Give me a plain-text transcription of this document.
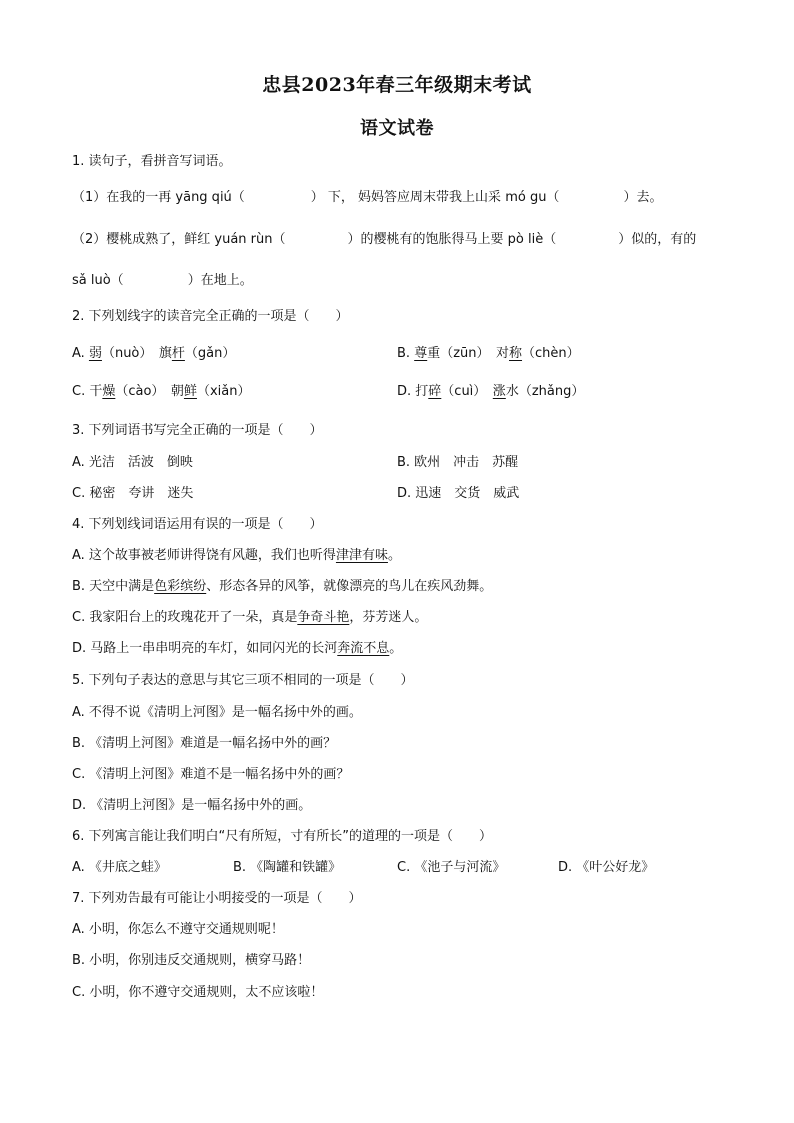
忠县2023年春三年级期末考试
语文试卷
1. 读句子，看拼音写词语。
（1）在我的一再 yāng qiú（	） 下， 妈妈答应周末带我上山采 mó gu（	）去。
（2）樱桃成熟了，鲜红 yuán rùn（	）的樱桃有的饱胀得马上要 pò liè（	）似的，有的
sǎ luò（	）在地上。
2. 下列划线字的读音完全正确的一项是（　　）
A. 弱（nuò）　旗杆（gǎn）	B. 尊重（zūn）　对称（chèn）
C. 干燥（cào）　朝鲜（xiǎn）	D. 打碎（cuì）　涨水（zhǎng）
3. 下列词语书写完全正确的一项是（　　）
A. 光洁　活波　倒映	B. 欧州　冲击　苏醒
C. 秘密　夸讲　迷失	D. 迅速　交货　威武
4. 下列划线词语运用有误的一项是（　　）
A. 这个故事被老师讲得饶有风趣，我们也听得津津有味。
B. 天空中满是色彩缤纷、形态各异的风筝，就像漂亮的鸟儿在疾风劲舞。
C. 我家阳台上的玫瑰花开了一朵，真是争奇斗艳，芬芳迷人。
D. 马路上一串串明亮的车灯，如同闪光的长河奔流不息。
5. 下列句子表达的意思与其它三项不相同的一项是（　　）
A. 不得不说《清明上河图》是一幅名扬中外的画。
B. 《清明上河图》难道是一幅名扬中外的画？
C. 《清明上河图》难道不是一幅名扬中外的画？
D. 《清明上河图》是一幅名扬中外的画。
6. 下列寓言能让我们明白“尺有所短，寸有所长”的道理的一项是（　　）
A. 《井底之蛙》	B. 《陶罐和铁罐》	C. 《池子与河流》	D. 《叶公好龙》
7. 下列劝告最有可能让小明接受的一项是（　　）
A. 小明，你怎么不遵守交通规则呢！
B. 小明，你别违反交通规则，横穿马路！
C. 小明，你不遵守交通规则，太不应该啦！
